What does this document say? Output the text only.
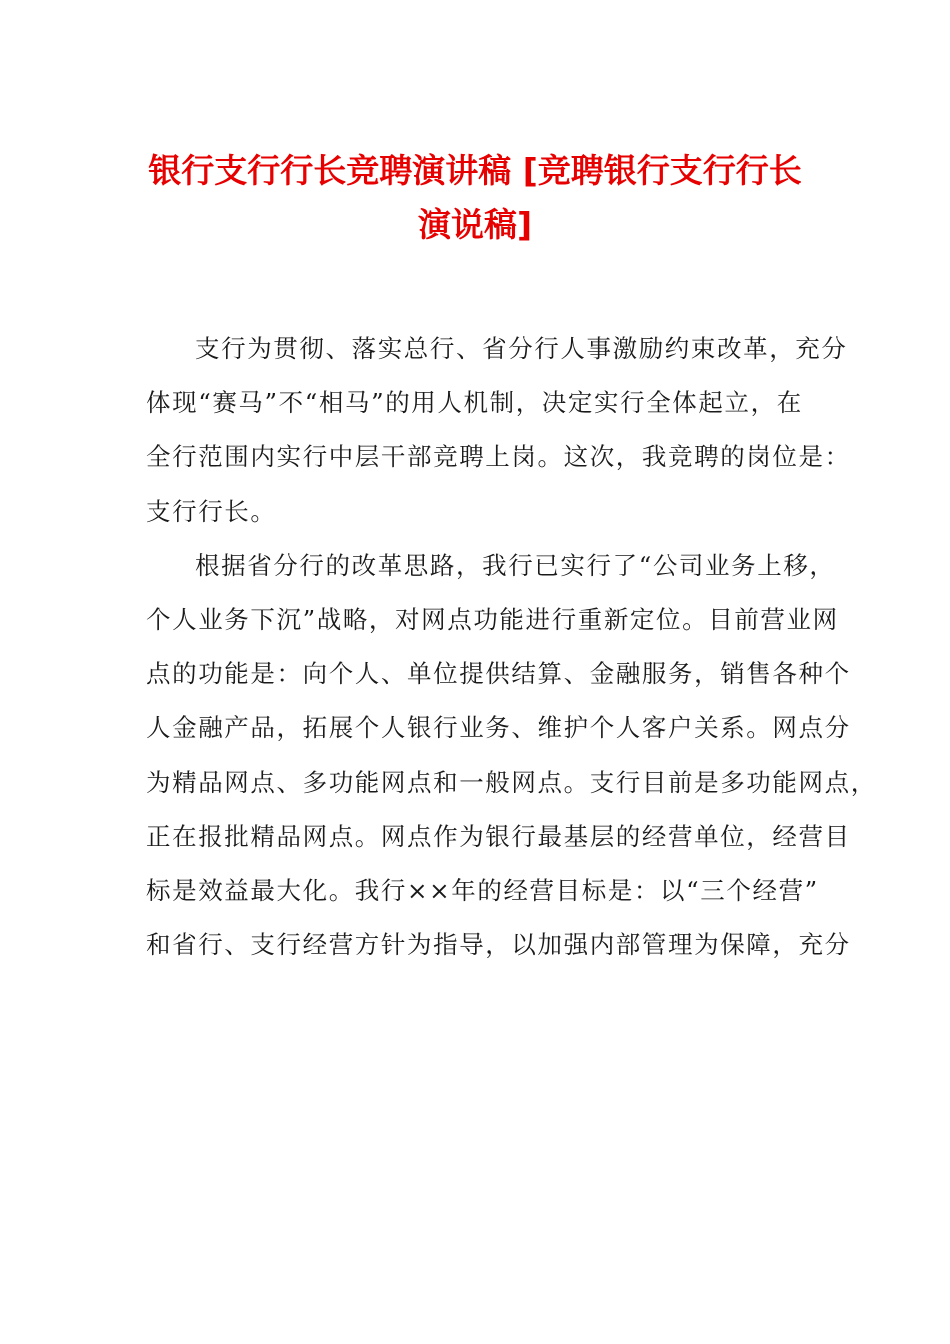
银行支行行长竞聘演讲稿 [竞聘银行支行行长
演说稿]
支行为贯彻、落实总行、省分行人事激励约束改革，充分
体现“赛马”不“相马”的用人机制，决定实行全体起立，在
全行范围内实行中层干部竞聘上岗。这次，我竞聘的岗位是：
支行行长。
根据省分行的改革思路，我行已实行了“公司业务上移，
个人业务下沉”战略，对网点功能进行重新定位。目前营业网
点的功能是：向个人、单位提供结算、金融服务，销售各种个
人金融产品，拓展个人银行业务、维护个人客户关系。网点分
为精品网点、多功能网点和一般网点。支行目前是多功能网点，
正在报批精品网点。网点作为银行最基层的经营单位，经营目
标是效益最大化。我行××年的经营目标是：以“三个经营”
和省行、支行经营方针为指导，以加强内部管理为保障，充分
